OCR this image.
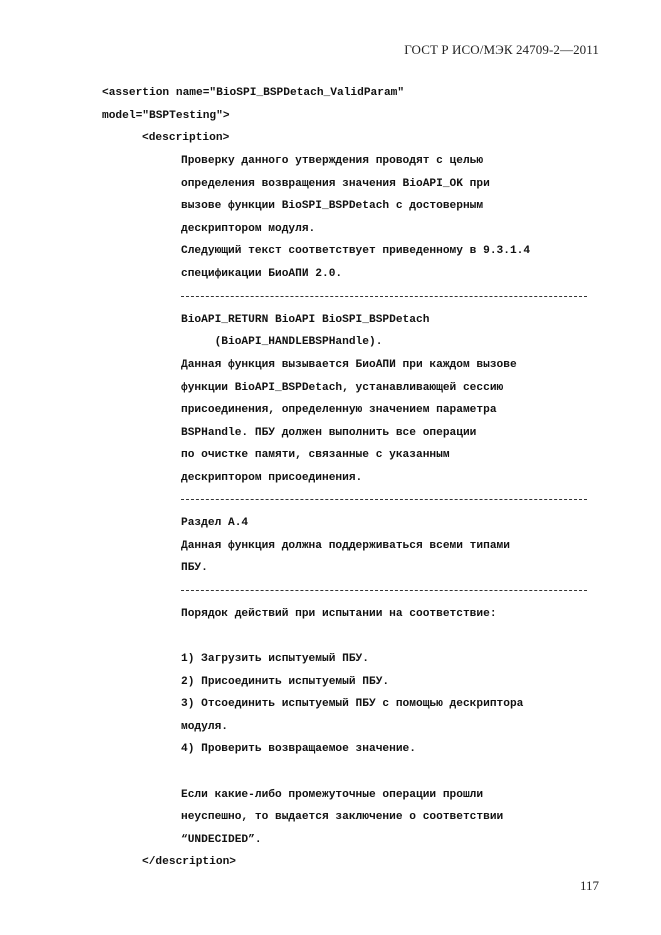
ГОСТ Р ИСО/МЭК 24709-2—2011

<assertion name="BioSPI_BSPDetach_ValidParam"

model="BSPTesting">

<description>

Проверку данного утверждения проводят с целью

определения возвращения значения BioAPI_OK при

вызове функции BioSPI_BSPDetach с достоверным

дескриптором модуля.

Следующий текст соответствует приведенному в 9.3.1.4

спецификации БиоАПИ 2.0.

BioAPI_RETURN BioAPI BioSPI_BSPDetach

(BioAPI_HANDLEBSPHandle).

Данная функция вызывается БиоАПИ при каждом вызове

функции BioAPI_BSPDetach, устанавливающей сессию

присоединения, определенную значением параметра

BSPHandle. ПБУ должен выполнить все операции

по очистке памяти, связанные с указанным

дескриптором присоединения.

Раздел А.4

Данная функция должна поддерживаться всеми типами

ПБУ.

Порядок действий при испытании на соответствие:

1) Загрузить испытуемый ПБУ.

2) Присоединить испытуемый ПБУ.

3) Отсоединить испытуемый ПБУ с помощью дескриптора

модуля.

4) Проверить возвращаемое значение.

Если какие-либо промежуточные операции прошли

неуспешно, то выдается заключение о соответствии

“UNDECIDED”.

</description>

117
